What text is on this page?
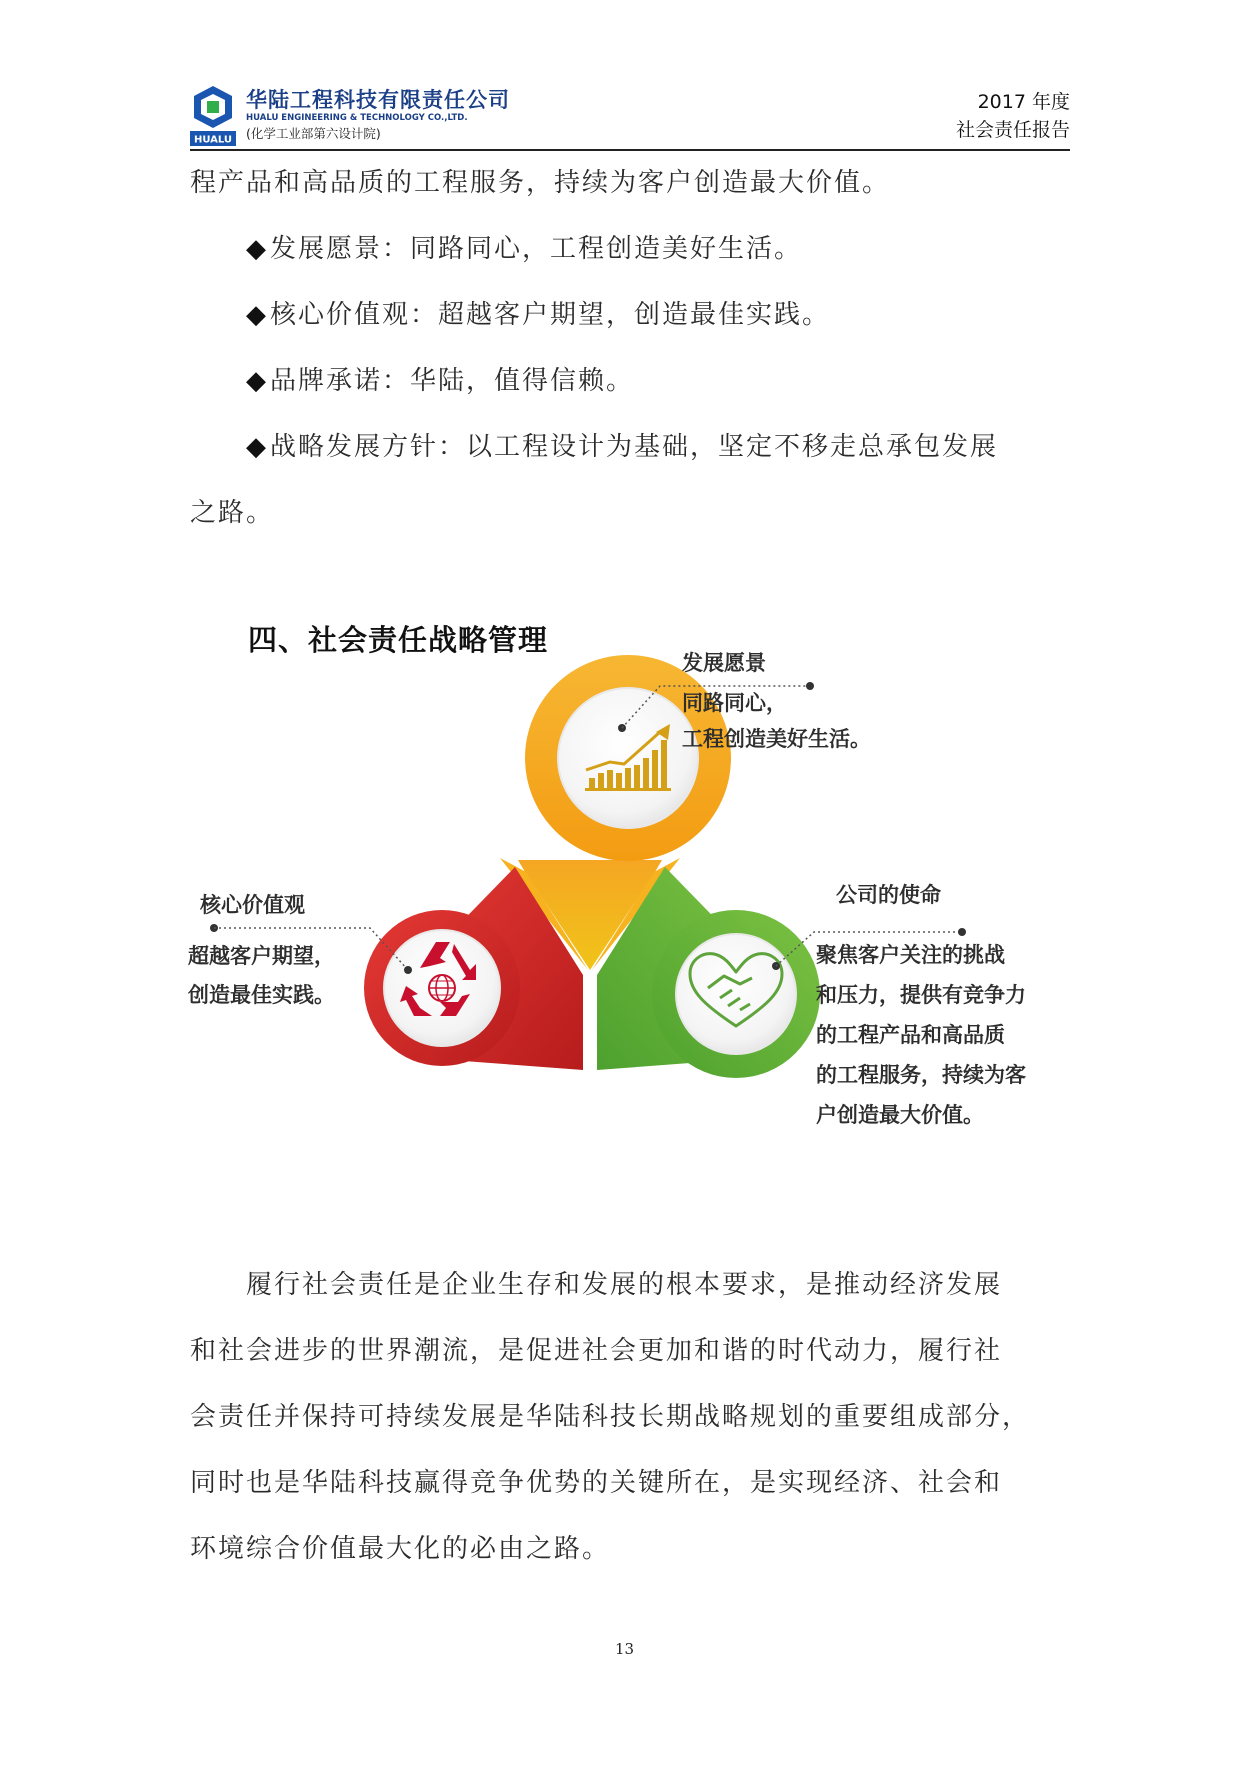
HUALU
华陆工程科技有限责任公司
HUALU ENGINEERING & TECHNOLOGY CO.,LTD.
(化学工业部第六设计院)
2017 年度
社会责任报告
程产品和高品质的工程服务，持续为客户创造最大价值。
◆发展愿景：同路同心，工程创造美好生活。
◆核心价值观：超越客户期望，创造最佳实践。
◆品牌承诺：华陆，值得信赖。
◆战略发展方针：以工程设计为基础，坚定不移走总承包发展
之路。
四、社会责任战略管理
发展愿景
同路同心，
工程创造美好生活。
核心价值观
超越客户期望，
创造最佳实践。
公司的使命
聚焦客户关注的挑战
和压力，提供有竞争力
的工程产品和高品质
的工程服务，持续为客
户创造最大价值。
履行社会责任是企业生存和发展的根本要求，是推动经济发展
和社会进步的世界潮流，是促进社会更加和谐的时代动力，履行社
会责任并保持可持续发展是华陆科技长期战略规划的重要组成部分，
同时也是华陆科技赢得竞争优势的关键所在，是实现经济、社会和
环境综合价值最大化的必由之路。
13
